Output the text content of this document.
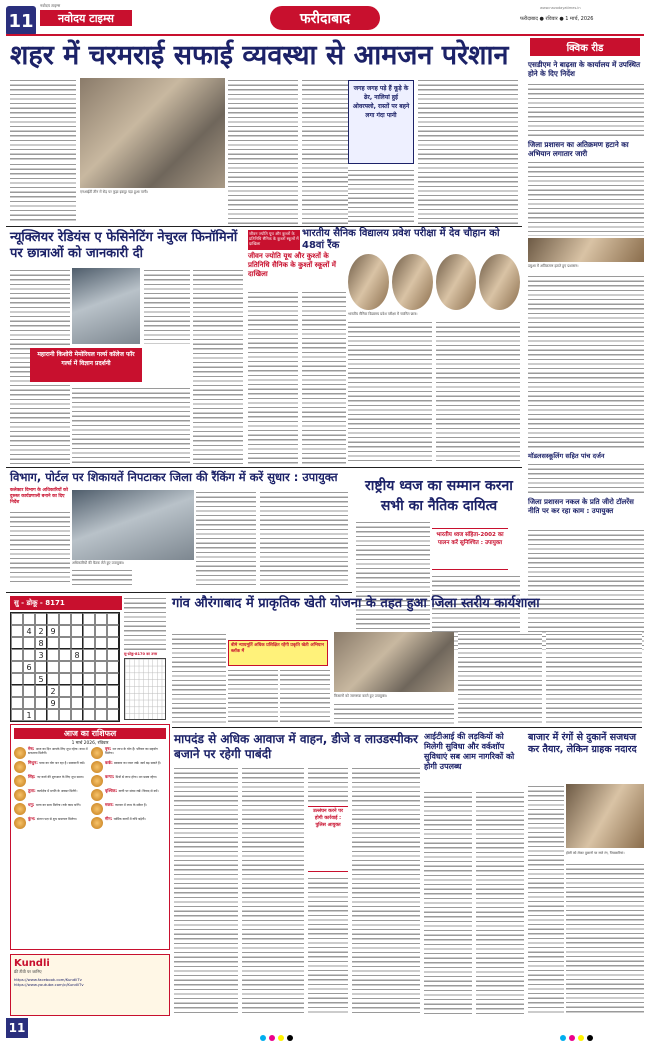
11
नवोदय टाइम्स
नवोदय टाइम्स	फरीदाबाद	फरीदाबाद ● रविवार ● 1 मार्च, 2026
www.navodayatimes.in
शहर में चरमराई सफाई व्यवस्था से आमजन परेशान
एनआईटी तीन में रोड़ पर कूड़ा इकट्ठा पड़ा हुआ पानी।
जगह जगह पड़े हैं कूड़े के ढेर, नालियां हुई ओवरफ्लो, रास्तों पर बहने लगा गंदा पानी
क्विक रीड
एसडीएम ने बाढ़सा के कार्यालय में उपस्थित होने के दिए निर्देश
जिला प्रशासन का अतिक्रमण हटाने का अभियान लगातार जारी
डबुआ में अतिक्रमण हटाते हुए प्रशासन।
न्यूक्लियर रेडियंस ए फेसिनेटिंग नेचुरल फिनॉमिनों पर छात्राओं को जानकारी दी
महारानी किशोरी मेमोरियल गर्ल्स कॉलेज फॉर गर्ल्स में विज्ञान प्रदर्शनी
जीवन ज्योति यूथ और कुश्तों के प्रतिनिधि सैनिक के कुश्तों स्कूलों में दाखिला
भारतीय सैनिक विद्यालय प्रवेश परीक्षा में देव चौहान को 48वां रैंक
जीवन ज्योति यूथ और कुश्तों के प्रतिनिधि सैनिक के कुश्तों स्कूलों में दाखिला
भारतीय सैनिक विद्यालय प्रवेश परीक्षा में चयनित छात्र।
विभाग, पोर्टल पर शिकायतें निपटाकर जिला की रैंकिंग में करें सुधार : उपायुक्त
कलेक्टर विभाग के अधिकारियों को दुरुस्त कार्यप्रणाली बनाने का दिए निर्देश
अधिकारियों की बैठक लेते हुए उपायुक्त।
राष्ट्रीय ध्वज का सम्मान करना सभी का नैतिक दायित्व
भारतीय ध्वज संहिता-2002 का पालन करें सुनिश्चित : उपायुक्त
मॉडलसस्कूलिंग सहित पांच दर्जन
जिला प्रशासन नकल के प्रति जीरो टॉलरेंस नीति पर कर रहा काम : उपायुक्त
सु - डोकू - 8171
4 2 9
8
3	8
6
5
2
9
1
सु-डोकू-8170 का उत्तर
आज का राशिफल
1 मार्च 2026, रविवार
मेष: आज का दिन आपके लिए शुभ रहेगा। काम में सफलता मिलेगी।
वृष: धन लाभ के योग हैं। परिवार का सहयोग मिलेगा।
मिथुन: यात्रा का योग बन रहा है। सावधानी रखें।	कर्क: स्वास्थ्य का ध्यान रखें। खर्च बढ़ सकते हैं।
सिंह: नए कार्य की शुरुआत के लिए शुभ समय।	कन्या: मित्रों से लाभ होगा। मन प्रसन्न रहेगा।
तुला: कार्यक्षेत्र में प्रगति के अवसर मिलेंगे।	वृश्चिक: वाणी पर संयम रखें। विवाद से बचें।
धनु: भाग्य का साथ मिलेगा। रुके काम बनेंगे।	मकर: व्यापार में लाभ के संकेत हैं।
कुंभ: संतान पक्ष से शुभ समाचार मिलेगा।	मीन: धार्मिक कार्यों में रुचि बढ़ेगी।
Kundli
फ्री टीवी पर जानिए
https://www.facebook.com/KundliTv
https://www.youtube.com/c/KundliTv
गांव औरंगाबाद में प्राकृतिक खेती योजना के तहत हुआ जिला स्तरीय कार्यशाला
बीमे न्यायमूर्ति अधिक प्रशिक्षित रहेंगी प्रकृति खेती अभियान ब्लॉक में
किसानों को जागरूक करते हुए उपायुक्त।
मापदंड से अधिक आवाज में वाहन, डीजे व लाउडस्पीकर बजाने पर रहेगी पाबंदी
उल्लंघन करने पर होगी कार्रवाई : पुलिस आयुक्त
आईटीआई की लड़कियों को मिलेगी सुविधा और वर्कशॉप सुविधाएं सब आम नागरिकों को होगी उपलब्ध
बाजार में रंगों से दुकानें सजधज कर तैयार, लेकिन ग्राहक नदारद
होली को लेकर दुकानों पर सजे रंग, पिचकारियां।
11
